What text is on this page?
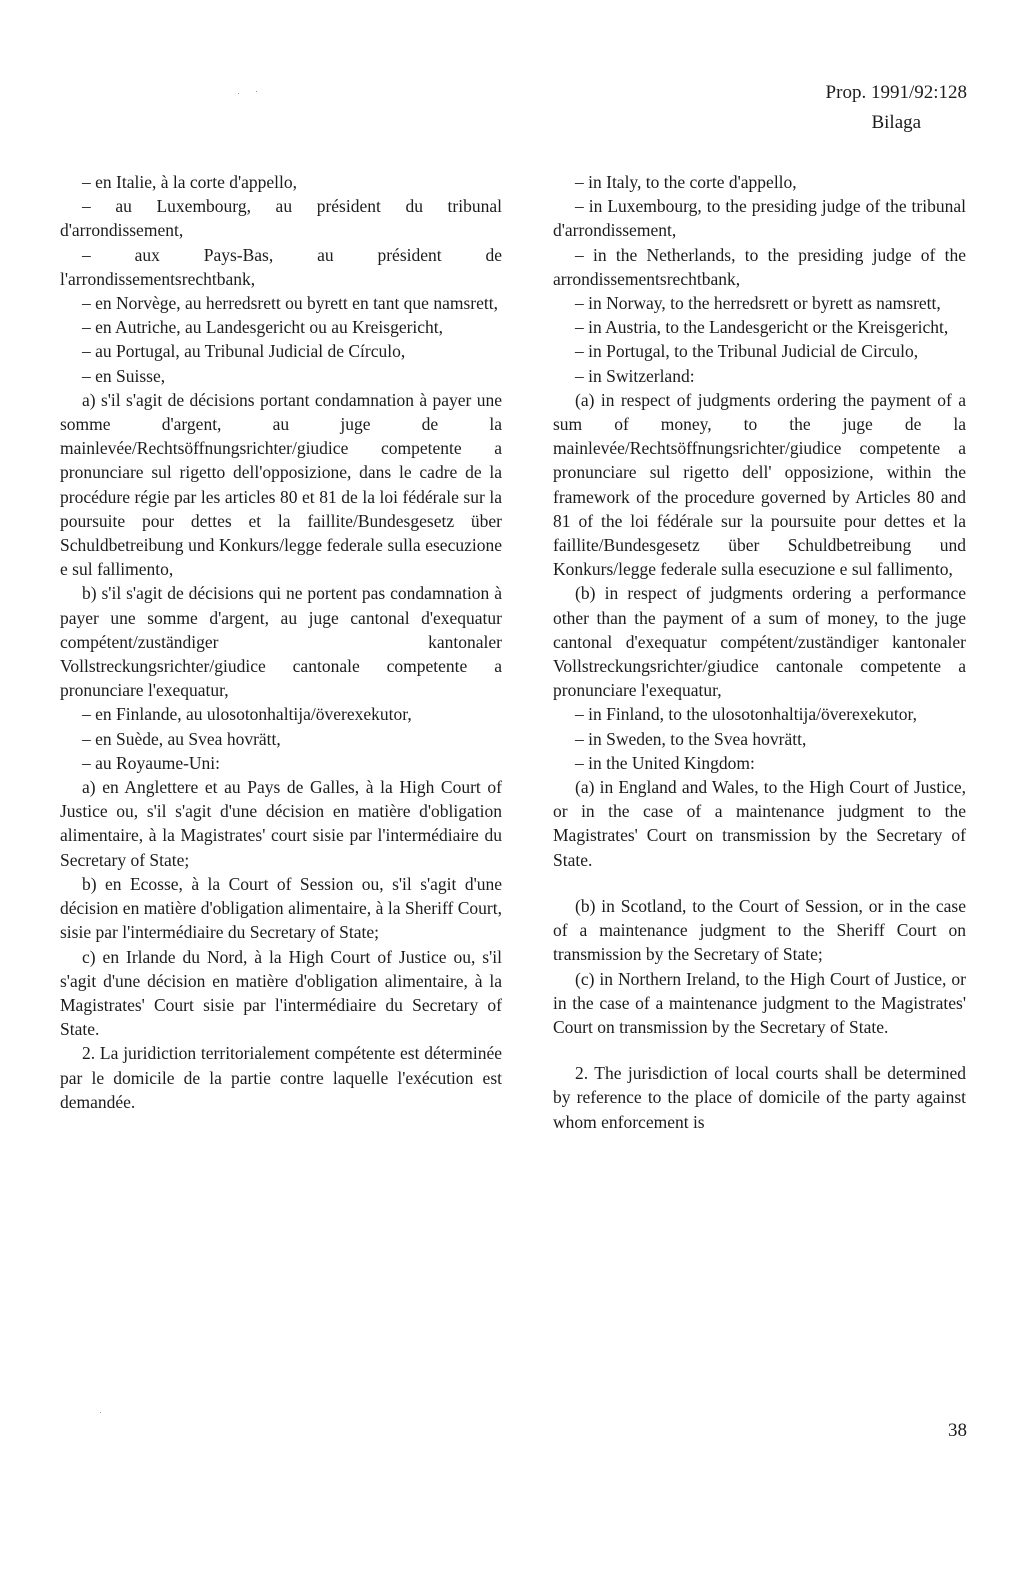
Prop. 1991/92:128
Bilaga

– en Italie, à la corte d'appello,

– au Luxembourg, au président du tribunal d'arrondissement,

– aux Pays-Bas, au président de l'arrondissementsrechtbank,

– en Norvège, au herredsrett ou byrett en tant que namsrett,

– en Autriche, au Landesgericht ou au Kreisgericht,

– au Portugal, au Tribunal Judicial de Círculo,

– en Suisse,

a) s'il s'agit de décisions portant condamnation à payer une somme d'argent, au juge de la mainlevée/Rechtsöffnungsrichter/giudice competente a pronunciare sul rigetto dell'opposizione, dans le cadre de la procédure régie par les articles 80 et 81 de la loi fédérale sur la poursuite pour dettes et la faillite/Bundesgesetz über Schuldbetreibung und Konkurs/legge federale sulla esecuzione e sul fallimento,

b) s'il s'agit de décisions qui ne portent pas condamnation à payer une somme d'argent, au juge cantonal d'exequatur compétent/zuständiger kantonaler Vollstreckungsrichter/giudice cantonale competente a pronunciare l'exequatur,

– en Finlande, au ulosotonhaltija/överexekutor,

– en Suède, au Svea hovrätt,

– au Royaume-Uni:

a) en Anglettere et au Pays de Galles, à la High Court of Justice ou, s'il s'agit d'une décision en matière d'obligation alimentaire, à la Magistrates' court sisie par l'intermédiaire du Secretary of State;

b) en Ecosse, à la Court of Session ou, s'il s'agit d'une décision en matière d'obligation alimentaire, à la Sheriff Court, sisie par l'intermédiaire du Secretary of State;

c) en Irlande du Nord, à la High Court of Justice ou, s'il s'agit d'une décision en matière d'obligation alimentaire, à la Magistrates' Court sisie par l'intermédiaire du Secretary of State.

2. La juridiction territorialement compétente est déterminée par le domicile de la partie contre laquelle l'exécution est demandée.

– in Italy, to the corte d'appello,

– in Luxembourg, to the presiding judge of the tribunal d'arrondissement,

– in the Netherlands, to the presiding judge of the arrondissementsrechtbank,

– in Norway, to the herredsrett or byrett as namsrett,

– in Austria, to the Landesgericht or the Kreisgericht,

– in Portugal, to the Tribunal Judicial de Circulo,

– in Switzerland:

(a) in respect of judgments ordering the payment of a sum of money, to the juge de la mainlevée/Rechtsöffnungsrichter/giudice competente a pronunciare sul rigetto dell' opposizione, within the framework of the procedure governed by Articles 80 and 81 of the loi fédérale sur la poursuite pour dettes et la faillite/Bundesgesetz über Schuldbetreibung und Konkurs/legge federale sulla esecuzione e sul fallimento,

(b) in respect of judgments ordering a performance other than the payment of a sum of money, to the juge cantonal d'exequatur compétent/zuständiger kantonaler Vollstreckungsrichter/giudice cantonale competente a pronunciare l'exequatur,

– in Finland, to the ulosotonhaltija/överexekutor,

– in Sweden, to the Svea hovrätt,

– in the United Kingdom:

(a) in England and Wales, to the High Court of Justice, or in the case of a maintenance judgment to the Magistrates' Court on transmission by the Secretary of State.

(b) in Scotland, to the Court of Session, or in the case of a maintenance judgment to the Sheriff Court on transmission by the Secretary of State;

(c) in Northern Ireland, to the High Court of Justice, or in the case of a maintenance judgment to the Magistrates' Court on transmission by the Secretary of State.

2. The jurisdiction of local courts shall be determined by reference to the place of domicile of the party against whom enforcement is

38
